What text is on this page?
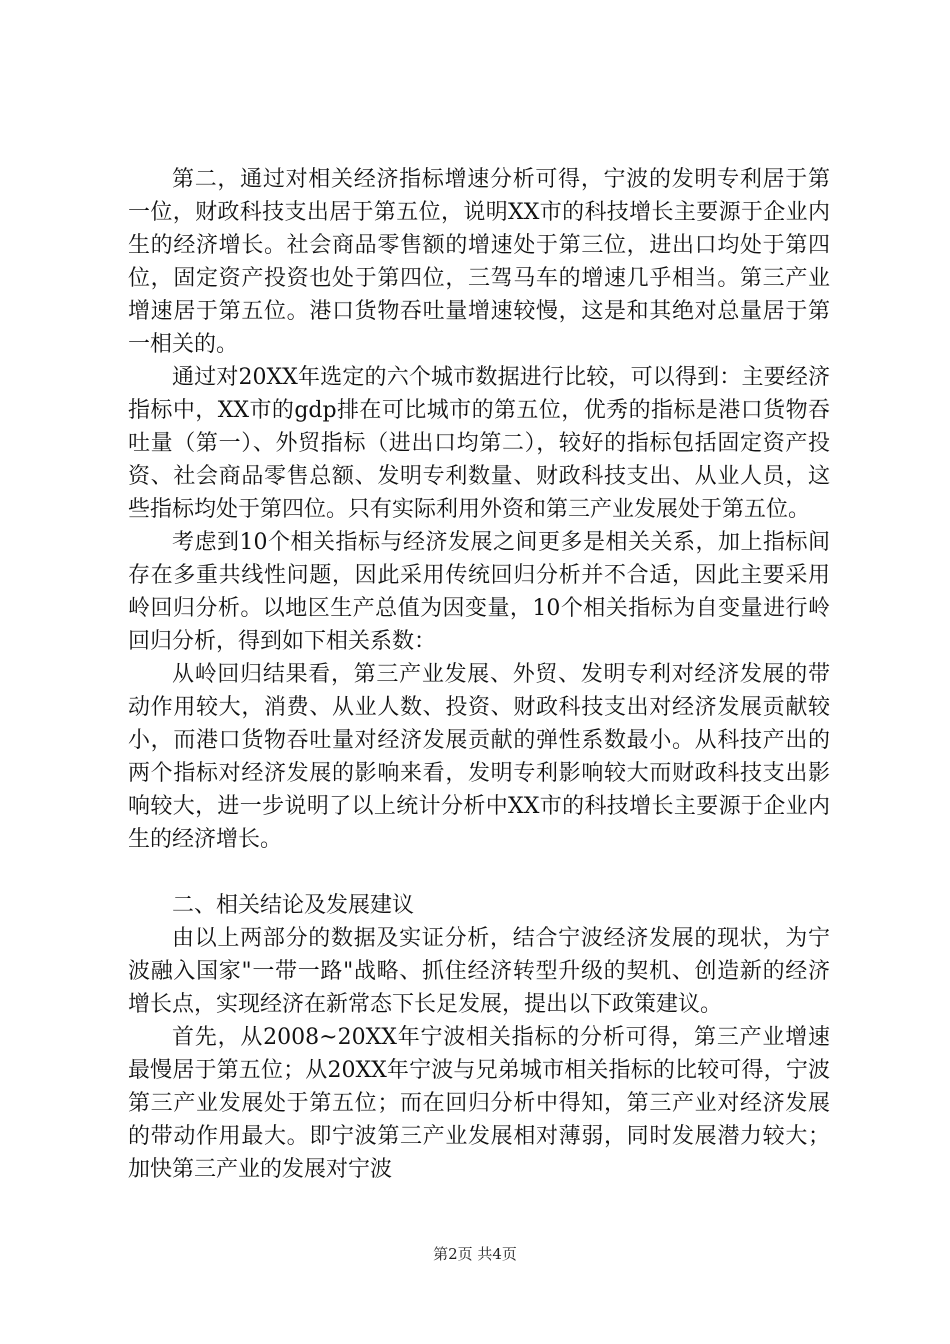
第二，通过对相关经济指标增速分析可得，宁波的发明专利居于第一位，财政科技支出居于第五位，说明XX市的科技增长主要源于企业内生的经济增长。社会商品零售额的增速处于第三位，进出口均处于第四位，固定资产投资也处于第四位，三驾马车的增速几乎相当。第三产业增速居于第五位。港口货物吞吐量增速较慢，这是和其绝对总量居于第一相关的。

通过对20XX年选定的六个城市数据进行比较，可以得到：主要经济指标中，XX市的gdp排在可比城市的第五位，优秀的指标是港口货物吞吐量（第一）、外贸指标（进出口均第二），较好的指标包括固定资产投资、社会商品零售总额、发明专利数量、财政科技支出、从业人员，这些指标均处于第四位。只有实际利用外资和第三产业发展处于第五位。

考虑到10个相关指标与经济发展之间更多是相关关系，加上指标间存在多重共线性问题，因此采用传统回归分析并不合适，因此主要采用岭回归分析。以地区生产总值为因变量，10个相关指标为自变量进行岭回归分析，得到如下相关系数：

从岭回归结果看，第三产业发展、外贸、发明专利对经济发展的带动作用较大，消费、从业人数、投资、财政科技支出对经济发展贡献较小，而港口货物吞吐量对经济发展贡献的弹性系数最小。从科技产出的两个指标对经济发展的影响来看，发明专利影响较大而财政科技支出影响较大，进一步说明了以上统计分析中XX市的科技增长主要源于企业内生的经济增长。

二、相关结论及发展建议

由以上两部分的数据及实证分析，结合宁波经济发展的现状，为宁波融入国家"一带一路"战略、抓住经济转型升级的契机、创造新的经济增长点，实现经济在新常态下长足发展，提出以下政策建议。

首先，从2008~20XX年宁波相关指标的分析可得，第三产业增速最慢居于第五位；从20XX年宁波与兄弟城市相关指标的比较可得，宁波第三产业发展处于第五位；而在回归分析中得知，第三产业对经济发展的带动作用最大。即宁波第三产业发展相对薄弱，同时发展潜力较大；加快第三产业的发展对宁波

第2页 共4页
